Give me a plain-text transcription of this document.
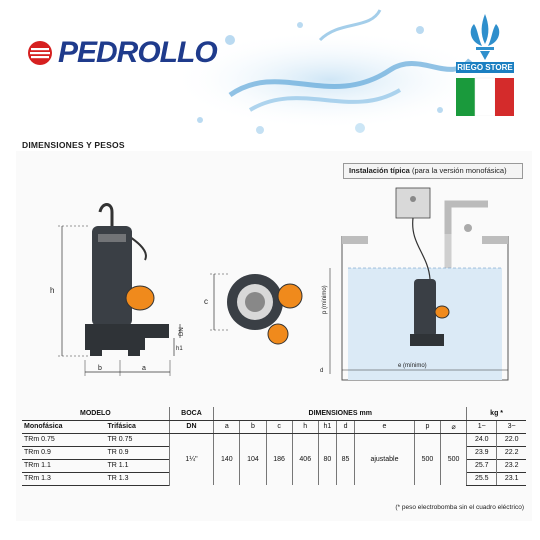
PEDROLLO	RIEGO STORE
DIMENSIONES Y PESOS
h
h1
DN
b	a
c
Instalación típica (para la versión monofásica)
p (mínimo)
d
e (mínimo)
MODELO		BOCA	DIMENSIONES mm									kg *	
Monofásica	Trifásica	DN	a	b	c	h	h1	d	e	p	⌀	1~	3~
TRm 0.75	TR 0.75	1¼"	140	104	186	406	80	85	ajustable	500	500	24.0	22.0
TRm 0.9	TR 0.9											23.9	22.2
TRm 1.1	TR 1.1											25.7	23.2
TRm 1.3	TR 1.3											25.5	23.1
(* peso electrobomba sin el cuadro eléctrico)
